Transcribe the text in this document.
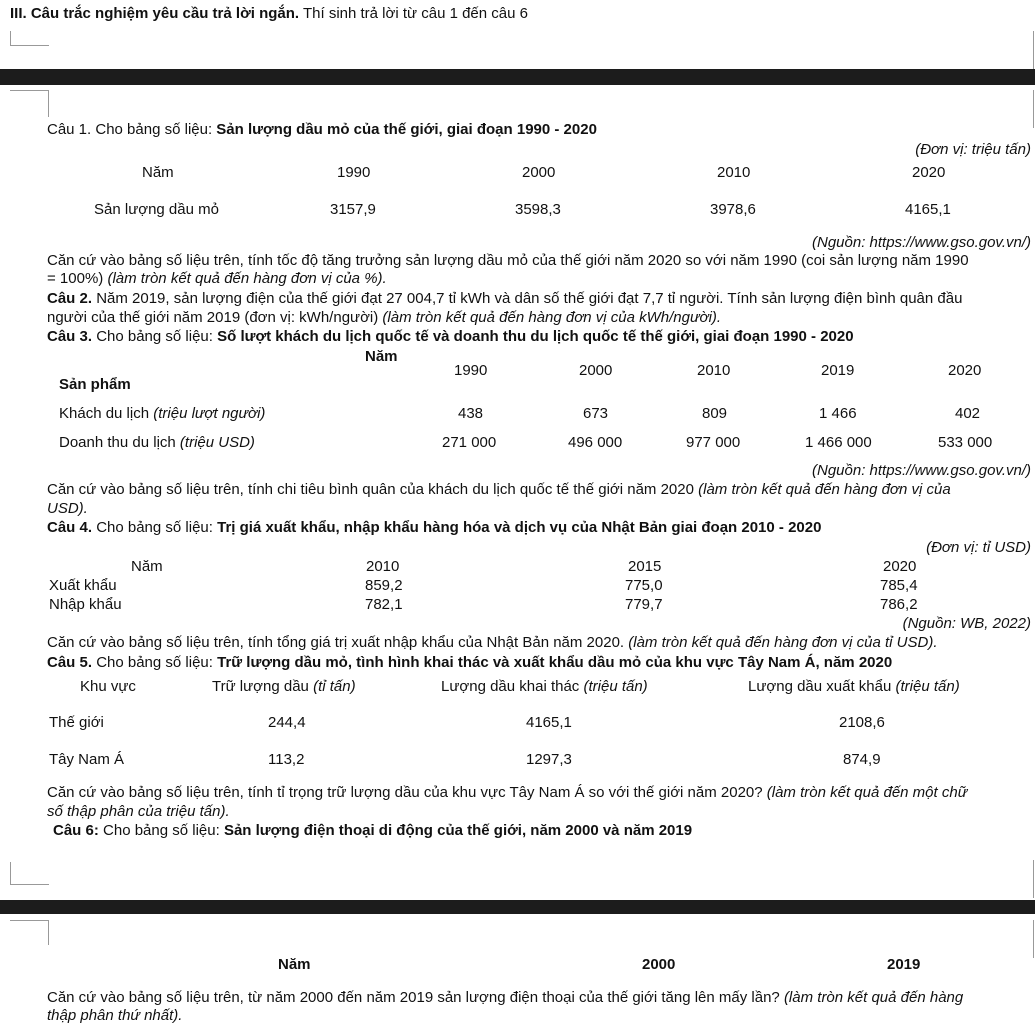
III. Câu trắc nghiệm yêu cầu trả lời ngắn. Thí sinh trả lời từ câu 1 đến câu 6
Câu 1. Cho bảng số liệu: Sản lượng dầu mỏ của thế giới, giai đoạn 1990 - 2020
(Đơn vị: triệu tấn)
Năm	1990	2000	2010	2020
Sản lượng dầu mỏ	3157,9	3598,3	3978,6	4165,1
(Nguồn: https://www.gso.gov.vn/)
Căn cứ vào bảng số liệu trên, tính tốc độ tăng trưởng sản lượng dầu mỏ của thế giới năm 2020 so với năm 1990 (coi sản lượng năm 1990
= 100%) (làm tròn kết quả đến hàng đơn vị của %).
Câu 2. Năm 2019, sản lượng điện của thế giới đạt 27 004,7 tỉ kWh và dân số thế giới đạt 7,7 tỉ người. Tính sản lượng điện bình quân đầu
người của thế giới năm 2019 (đơn vị: kWh/người) (làm tròn kết quả đến hàng đơn vị của kWh/người).
Câu 3. Cho bảng số liệu: Số lượt khách du lịch quốc tế và doanh thu du lịch quốc tế thế giới, giai đoạn 1990 - 2020
Năm
Sản phẩm
1990	2000	2010	2019	2020
Khách du lịch (triệu lượt người)	438	673	809	1 466	402
Doanh thu du lịch (triệu USD)	271 000	496 000	977 000	1 466 000	533 000
(Nguồn: https://www.gso.gov.vn/)
Căn cứ vào bảng số liệu trên, tính chi tiêu bình quân của khách du lịch quốc tế thế giới năm 2020 (làm tròn kết quả đến hàng đơn vị của
USD).
Câu 4. Cho bảng số liệu: Trị giá xuất khẩu, nhập khẩu hàng hóa và dịch vụ của Nhật Bản giai đoạn 2010 - 2020
(Đơn vị: tỉ USD)
Năm	2010	2015	2020
Xuất khẩu	859,2	775,0	785,4
Nhập khẩu	782,1	779,7	786,2
(Nguồn: WB, 2022)
Căn cứ vào bảng số liệu trên, tính tổng giá trị xuất nhập khẩu của Nhật Bản năm 2020. (làm tròn kết quả đến hàng đơn vị của tỉ USD).
Câu 5. Cho bảng số liệu: Trữ lượng dầu mỏ, tình hình khai thác và xuất khẩu dầu mỏ của khu vực Tây Nam Á, năm 2020
Khu vực	Trữ lượng dầu (tỉ tấn)	Lượng dầu khai thác (triệu tấn)	Lượng dầu xuất khẩu (triệu tấn)
Thế giới	244,4	4165,1	2108,6
Tây Nam Á	113,2	1297,3	874,9
Căn cứ vào bảng số liệu trên, tính tỉ trọng trữ lượng dầu của khu vực Tây Nam Á so với thế giới năm 2020? (làm tròn kết quả đến một chữ
số thập phân của triệu tấn).
Câu 6: Cho bảng số liệu: Sản lượng điện thoại di động của thế giới, năm 2000 và năm 2019
Năm	2000	2019
Căn cứ vào bảng số liệu trên, từ năm 2000 đến năm 2019 sản lượng điện thoại của thế giới tăng lên mấy lần? (làm tròn kết quả đến hàng
thập phân thứ nhất).
